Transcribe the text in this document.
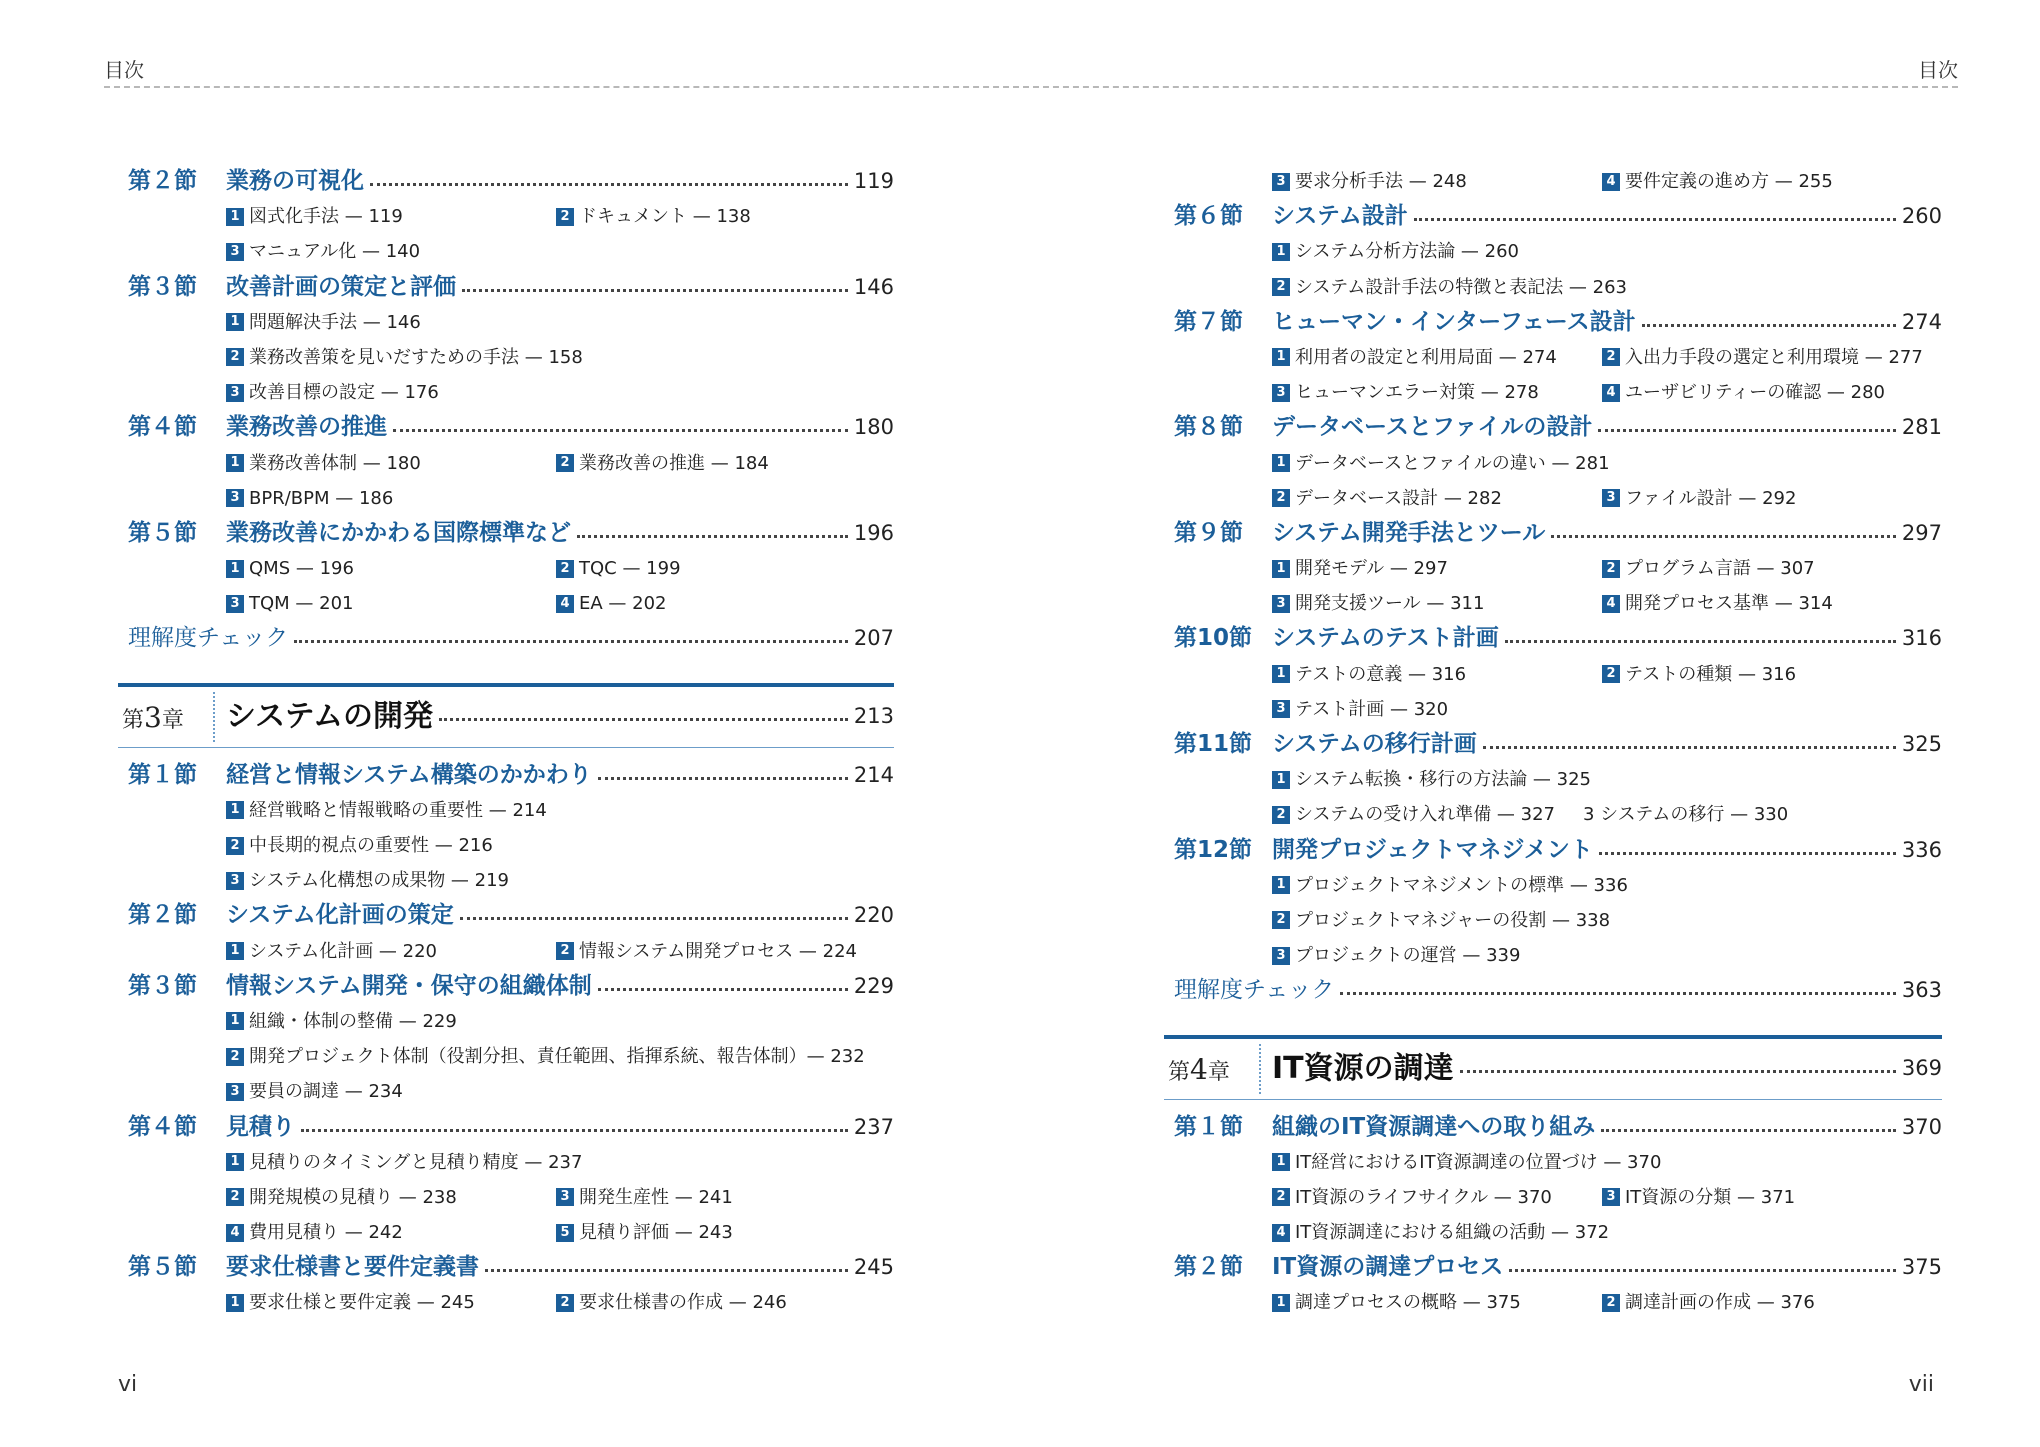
目次	目次
第２節 業務の可視化	119
1 図式化手法 — 119	2 ドキュメント — 138
3 マニュアル化 — 140
第３節 改善計画の策定と評価	146
1 問題解決手法 — 146
2 業務改善策を見いだすための手法 — 158
3 改善目標の設定 — 176
第４節 業務改善の推進	180
1 業務改善体制 — 180	2 業務改善の推進 — 184
3 BPR/BPM — 186
第５節 業務改善にかかわる国際標準など	196
1 QMS — 196	2 TQC — 199
3 TQM — 201	4 EA — 202
理解度チェック	207
第3章 システムの開発	213
第１節 経営と情報システム構築のかかわり	214
1 経営戦略と情報戦略の重要性 — 214
2 中長期的視点の重要性 — 216
3 システム化構想の成果物 — 219
第２節 システム化計画の策定	220
1 システム化計画 — 220	2 情報システム開発プロセス — 224
第３節 情報システム開発・保守の組織体制	229
1 組織・体制の整備 — 229
2 開発プロジェクト体制（役割分担、責任範囲、指揮系統、報告体制）— 232
3 要員の調達 — 234
第４節 見積り	237
1 見積りのタイミングと見積り精度 — 237
2 開発規模の見積り — 238	3 開発生産性 — 241
4 費用見積り — 242	5 見積り評価 — 243
第５節 要求仕様書と要件定義書	245
1 要求仕様と要件定義 — 245	2 要求仕様書の作成 — 246
3 要求分析手法 — 248	4 要件定義の進め方 — 255
第６節 システム設計	260
1 システム分析方法論 — 260
2 システム設計手法の特徴と表記法 — 263
第７節 ヒューマン・インターフェース設計	274
1 利用者の設定と利用局面 — 274	2 入出力手段の選定と利用環境 — 277
3 ヒューマンエラー対策 — 278	4 ユーザビリティーの確認 — 280
第８節 データベースとファイルの設計	281
1 データベースとファイルの違い — 281
2 データベース設計 — 282	3 ファイル設計 — 292
第９節 システム開発手法とツール	297
1 開発モデル — 297	2 プログラム言語 — 307
3 開発支援ツール — 311	4 開発プロセス基準 — 314
第10節 システムのテスト計画	316
1 テストの意義 — 316	2 テストの種類 — 316
3 テスト計画 — 320
第11節 システムの移行計画	325
1 システム転換・移行の方法論 — 325
2 システムの受け入れ準備 — 327 3 システムの移行 — 330
第12節 開発プロジェクトマネジメント	336
1 プロジェクトマネジメントの標準 — 336
2 プロジェクトマネジャーの役割 — 338
3 プロジェクトの運営 — 339
理解度チェック	363
第4章 IT資源の調達	369
第１節 組織のIT資源調達への取り組み	370
1 IT経営におけるIT資源調達の位置づけ — 370
2 IT資源のライフサイクル — 370	3 IT資源の分類 — 371
4 IT資源調達における組織の活動 — 372
第２節 IT資源の調達プロセス	375
1 調達プロセスの概略 — 375	2 調達計画の作成 — 376
vi	vii
